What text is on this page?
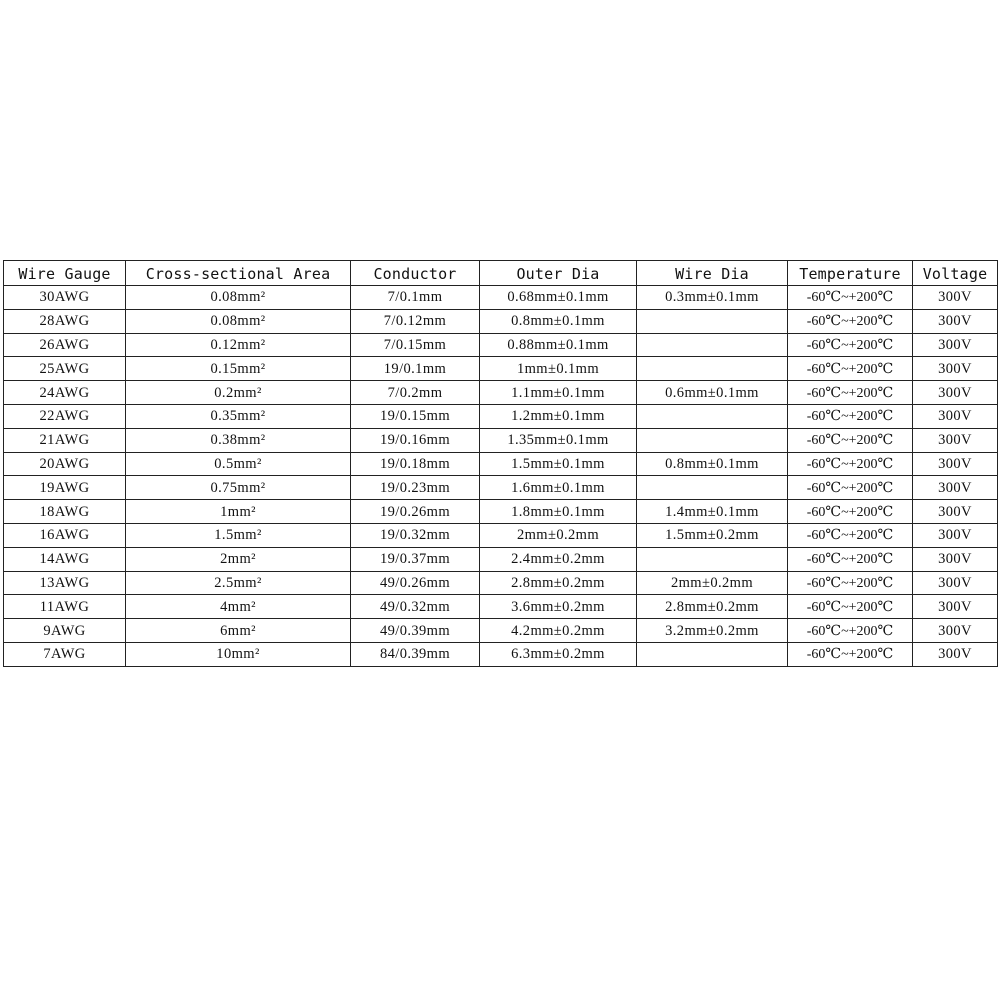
Wire Gauge	Cross-sectional Area	Conductor	Outer Dia	Wire Dia	Temperature	Voltage
30AWG	0.08mm²	7/0.1mm	0.68mm±0.1mm	0.3mm±0.1mm	-60℃~+200℃	300V
28AWG	0.08mm²	7/0.12mm	0.8mm±0.1mm		-60℃~+200℃	300V
26AWG	0.12mm²	7/0.15mm	0.88mm±0.1mm		-60℃~+200℃	300V
25AWG	0.15mm²	19/0.1mm	1mm±0.1mm		-60℃~+200℃	300V
24AWG	0.2mm²	7/0.2mm	1.1mm±0.1mm	0.6mm±0.1mm	-60℃~+200℃	300V
22AWG	0.35mm²	19/0.15mm	1.2mm±0.1mm		-60℃~+200℃	300V
21AWG	0.38mm²	19/0.16mm	1.35mm±0.1mm		-60℃~+200℃	300V
20AWG	0.5mm²	19/0.18mm	1.5mm±0.1mm	0.8mm±0.1mm	-60℃~+200℃	300V
19AWG	0.75mm²	19/0.23mm	1.6mm±0.1mm		-60℃~+200℃	300V
18AWG	1mm²	19/0.26mm	1.8mm±0.1mm	1.4mm±0.1mm	-60℃~+200℃	300V
16AWG	1.5mm²	19/0.32mm	2mm±0.2mm	1.5mm±0.2mm	-60℃~+200℃	300V
14AWG	2mm²	19/0.37mm	2.4mm±0.2mm		-60℃~+200℃	300V
13AWG	2.5mm²	49/0.26mm	2.8mm±0.2mm	2mm±0.2mm	-60℃~+200℃	300V
11AWG	4mm²	49/0.32mm	3.6mm±0.2mm	2.8mm±0.2mm	-60℃~+200℃	300V
9AWG	6mm²	49/0.39mm	4.2mm±0.2mm	3.2mm±0.2mm	-60℃~+200℃	300V
7AWG	10mm²	84/0.39mm	6.3mm±0.2mm		-60℃~+200℃	300V
